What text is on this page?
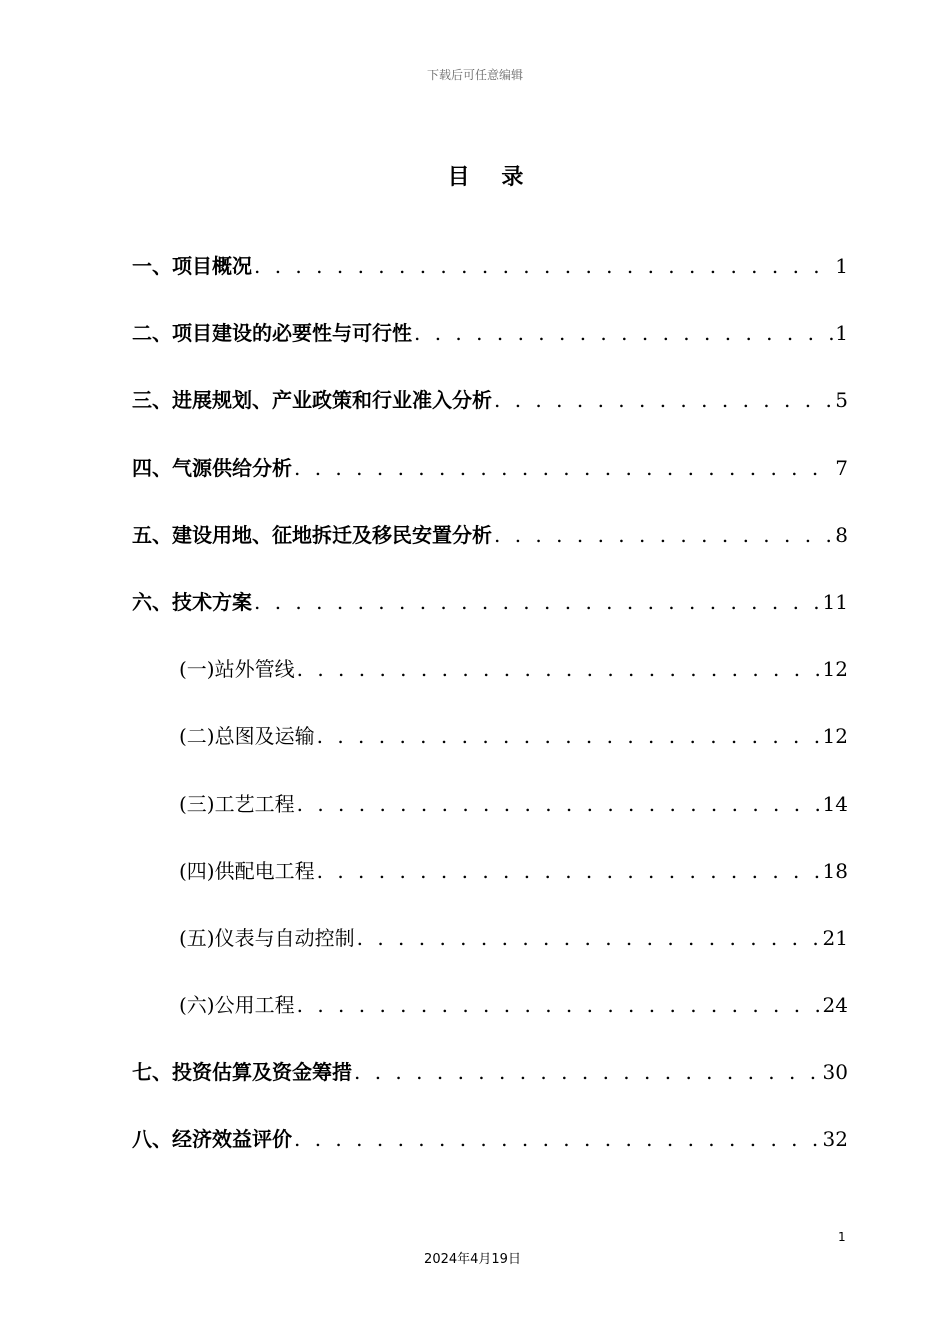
下载后可任意编辑
目 录
一、项目概况 . . .	1
二、项目建设的必要性与可行性 . . .	1
三、进展规划、产业政策和行业准入分析 . . .	5
四、气源供给分析 . . .	7
五、建设用地、征地拆迁及移民安置分析 . . .	8
六、技术方案 . . .	11
(一)站外管线 . . .	12
(二)总图及运输 . . .	12
(三)工艺工程 . . .	14
(四)供配电工程 . . .	18
(五)仪表与自动控制 . . .	21
(六)公用工程 . . .	24
七、投资估算及资金筹措 . . .	30
八、经济效益评价 . . .	32
1
2024年4月19日
